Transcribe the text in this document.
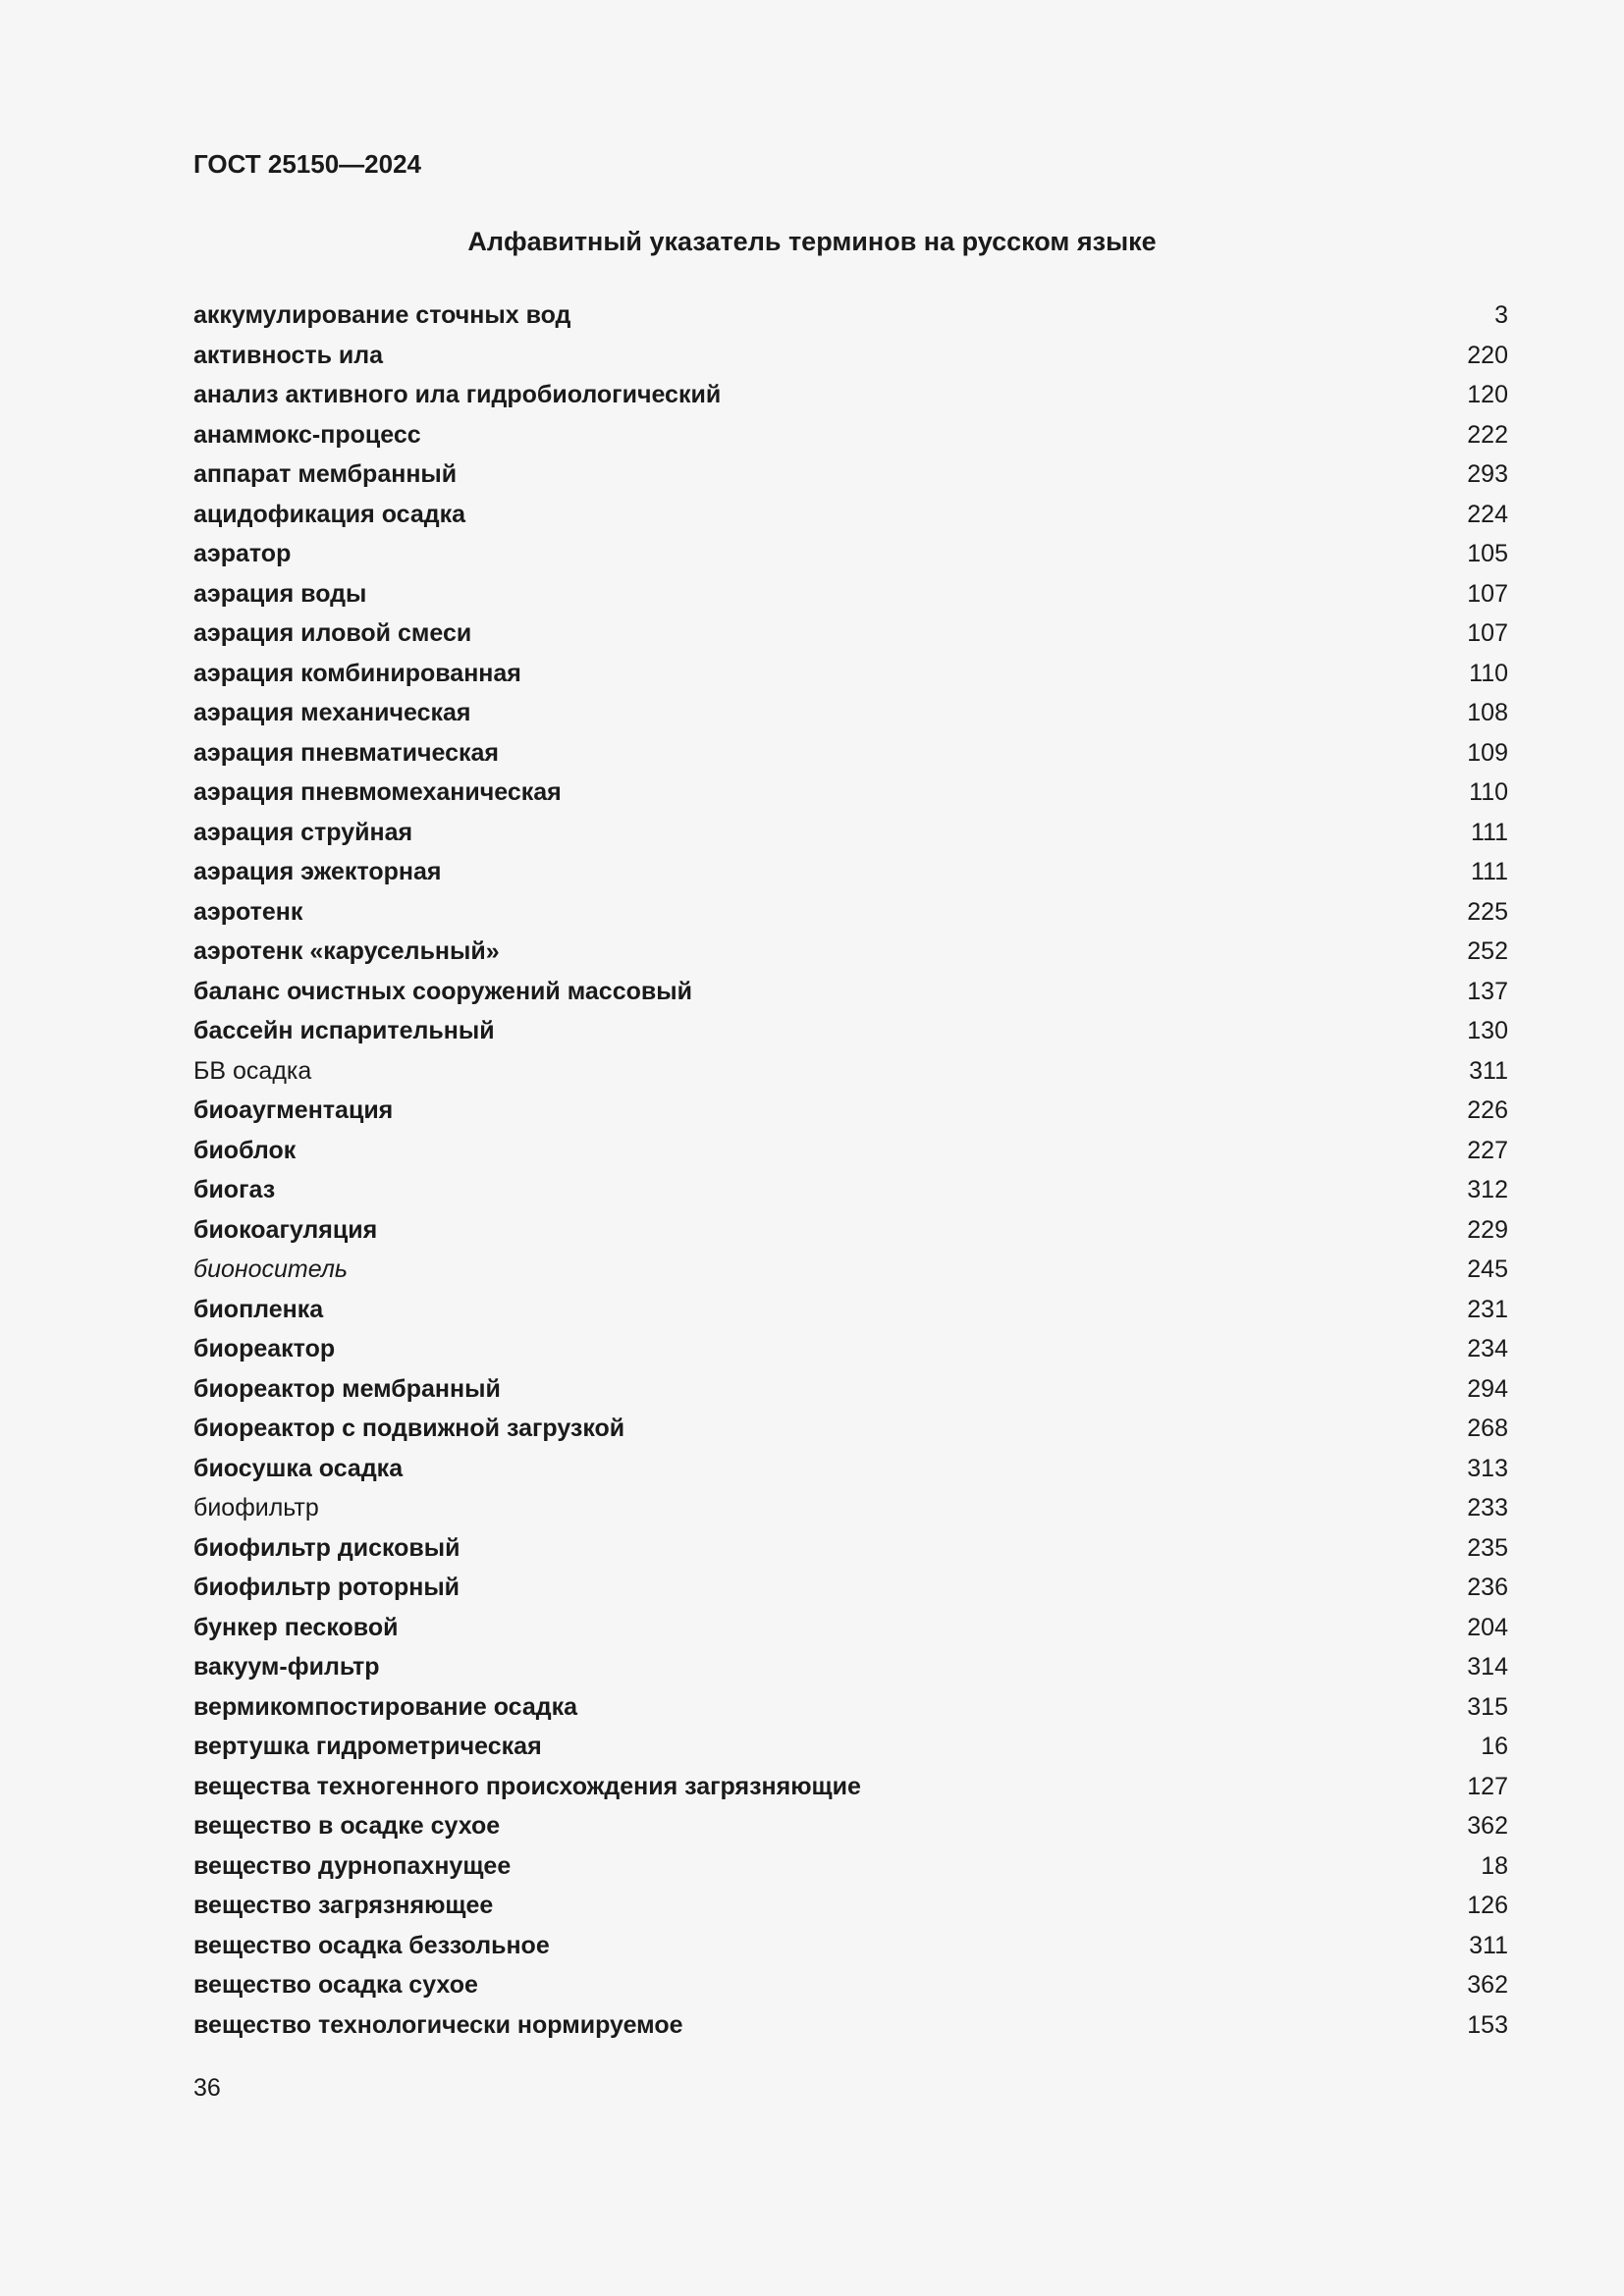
ГОСТ 25150—2024
Алфавитный указатель терминов на русском языке
аккумулирование сточных вод	3
активность ила	220
анализ активного ила гидробиологический	120
анаммокс-процесс	222
аппарат мембранный	293
ацидофикация осадка	224
аэратор	105
аэрация воды	107
аэрация иловой смеси	107
аэрация комбинированная	110
аэрация механическая	108
аэрация пневматическая	109
аэрация пневмомеханическая	110
аэрация струйная	111
аэрация эжекторная	111
аэротенк	225
аэротенк «карусельный»	252
баланс очистных сооружений массовый	137
бассейн испарительный	130
БВ осадка	311
биоаугментация	226
биоблок	227
биогаз	312
биокоагуляция	229
бионоситель	245
биопленка	231
биореактор	234
биореактор мембранный	294
биореактор с подвижной загрузкой	268
биосушка осадка	313
биофильтр	233
биофильтр дисковый	235
биофильтр роторный	236
бункер песковой	204
вакуум-фильтр	314
вермикомпостирование осадка	315
вертушка гидрометрическая	16
вещества техногенного происхождения загрязняющие	127
вещество в осадке сухое	362
вещество дурнопахнущее	18
вещество загрязняющее	126
вещество осадка беззольное	311
вещество осадка сухое	362
вещество технологически нормируемое	153

36
